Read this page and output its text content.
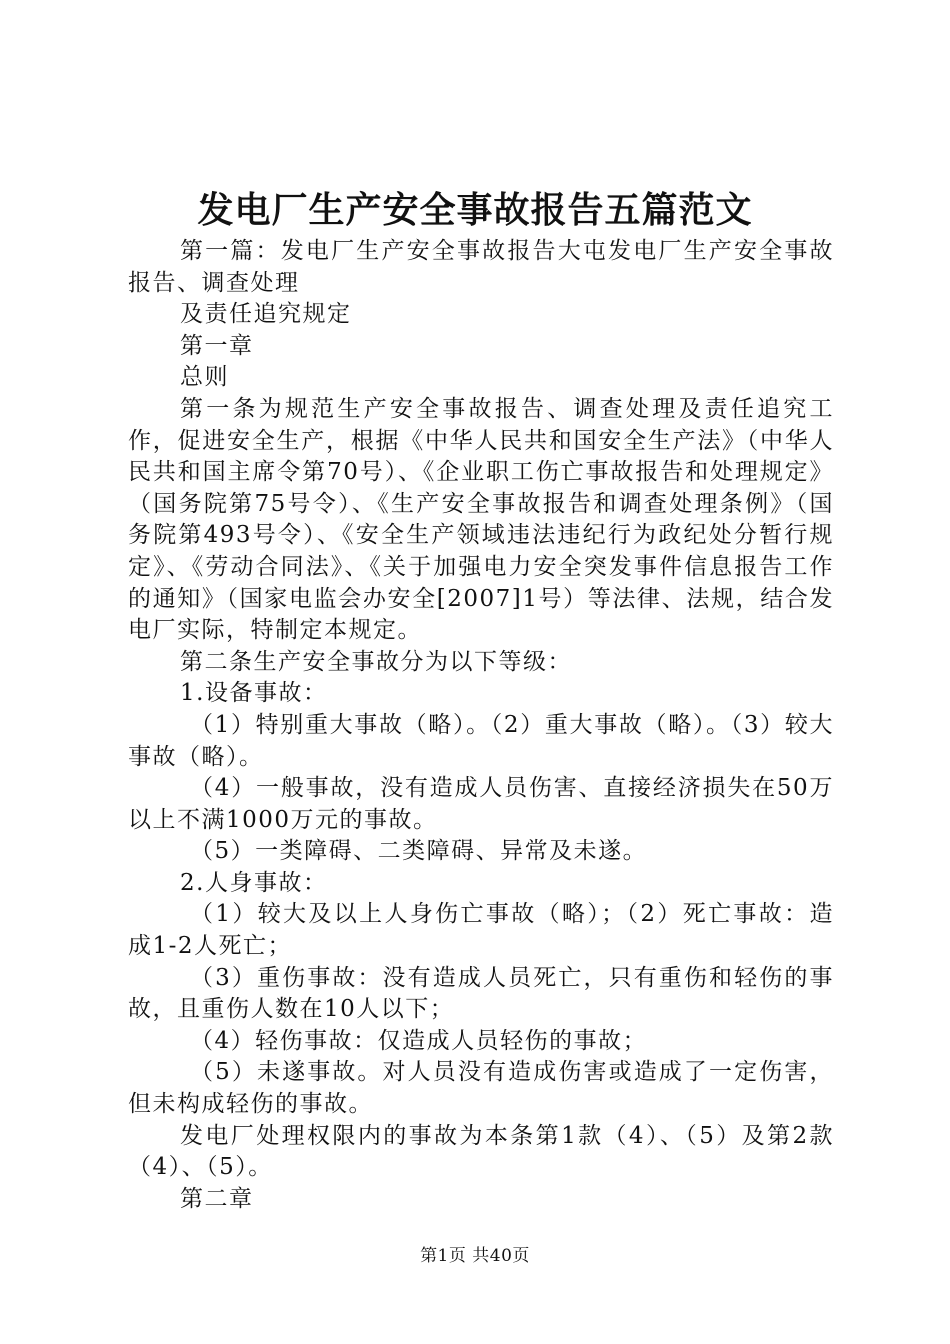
发电厂生产安全事故报告五篇范文

第一篇：发电厂生产安全事故报告大屯发电厂生产安全事故报告、调查处理

及责任追究规定

第一章

总则

第一条为规范生产安全事故报告、调查处理及责任追究工作，促进安全生产，根据《中华人民共和国安全生产法》（中华人民共和国主席令第70号）、《企业职工伤亡事故报告和处理规定》（国务院第75号令）、《生产安全事故报告和调查处理条例》（国务院第493号令）、《安全生产领域违法违纪行为政纪处分暂行规定》、《劳动合同法》、《关于加强电力安全突发事件信息报告工作的通知》（国家电监会办安全[2007]1号）等法律、法规，结合发电厂实际，特制定本规定。

第二条生产安全事故分为以下等级：

1.设备事故：

（1）特别重大事故（略）。（2）重大事故（略）。（3）较大事故（略）。

（4）一般事故，没有造成人员伤害、直接经济损失在50万以上不满1000万元的事故。

（5）一类障碍、二类障碍、异常及未遂。

2.人身事故：

（1）较大及以上人身伤亡事故（略）；（2）死亡事故：造成1-2人死亡；

（3）重伤事故：没有造成人员死亡，只有重伤和轻伤的事故，且重伤人数在10人以下；

（4）轻伤事故：仅造成人员轻伤的事故；

（5）未遂事故。对人员没有造成伤害或造成了一定伤害，但未构成轻伤的事故。

发电厂处理权限内的事故为本条第1款（4）、（5）及第2款（4）、（5）。

第二章

第1页 共40页
